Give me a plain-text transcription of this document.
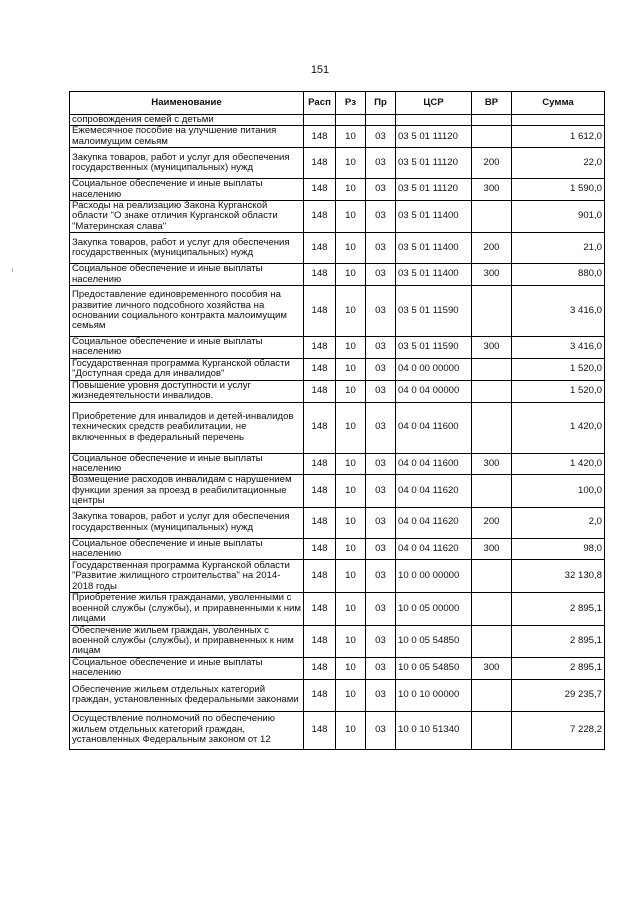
151
Наименование	Расп	Рз	Пр	ЦСР	ВР	Сумма
сопровождения семей с детьми						
Ежемесячное пособие на улучшение питания малоимущим семьям	148	10	03	03 5 01 11120		1 612,0
Закупка товаров, работ и услуг для обеспечения государственных (муниципальных) нужд	148	10	03	03 5 01 11120	200	22,0
Социальное обеспечение и иные выплаты населению	148	10	03	03 5 01 11120	300	1 590,0
Расходы на реализацию Закона Курганской области "О знаке отличия Курганской области "Материнская слава"	148	10	03	03 5 01 11400		901,0
Закупка товаров, работ и услуг для обеспечения государственных (муниципальных) нужд	148	10	03	03 5 01 11400	200	21,0
Социальное обеспечение и иные выплаты населению	148	10	03	03 5 01 11400	300	880,0
Предоставление единовременного пособия на развитие личного подсобного хозяйства на основании социального контракта малоимущим семьям	148	10	03	03 5 01 11590		3 416,0
Социальное обеспечение и иные выплаты населению	148	10	03	03 5 01 11590	300	3 416,0
Государственная программа Курганской области "Доступная среда для инвалидов"	148	10	03	04 0 00 00000		1 520,0
Повышение уровня доступности и услуг жизнедеятельности инвалидов.	148	10	03	04 0 04 00000		1 520,0
Приобретение для инвалидов и детей-инвалидов технических средств реабилитации, не включенных в федеральный перечень	148	10	03	04 0 04 11600		1 420,0
Социальное обеспечение и иные выплаты населению	148	10	03	04 0 04 11600	300	1 420,0
Возмещение расходов инвалидам с нарушением функции зрения за проезд в реабилитационные центры	148	10	03	04 0 04 11620		100,0
Закупка товаров, работ и услуг для обеспечения государственных (муниципальных) нужд	148	10	03	04 0 04 11620	200	2,0
Социальное обеспечение и иные выплаты населению	148	10	03	04 0 04 11620	300	98,0
Государственная программа Курганской области "Развитие жилищного строительства" на 2014-2018 годы	148	10	03	10 0 00 00000		32 130,8
Приобретение жилья гражданами, уволенными с военной службы (службы), и приравненными к ним лицами	148	10	03	10 0 05 00000		2 895,1
Обеспечение жильем граждан, уволенных с военной службы (службы), и приравненных к ним лицам	148	10	03	10 0 05 54850		2 895,1
Социальное обеспечение и иные выплаты населению	148	10	03	10 0 05 54850	300	2 895,1
Обеспечение жильем отдельных категорий граждан, установленных федеральными законами	148	10	03	10 0 10 00000		29 235,7
Осуществление полномочий по обеспечению жильем отдельных категорий граждан, установленных Федеральным законом от 12	148	10	03	10 0 10 51340		7 228,2
